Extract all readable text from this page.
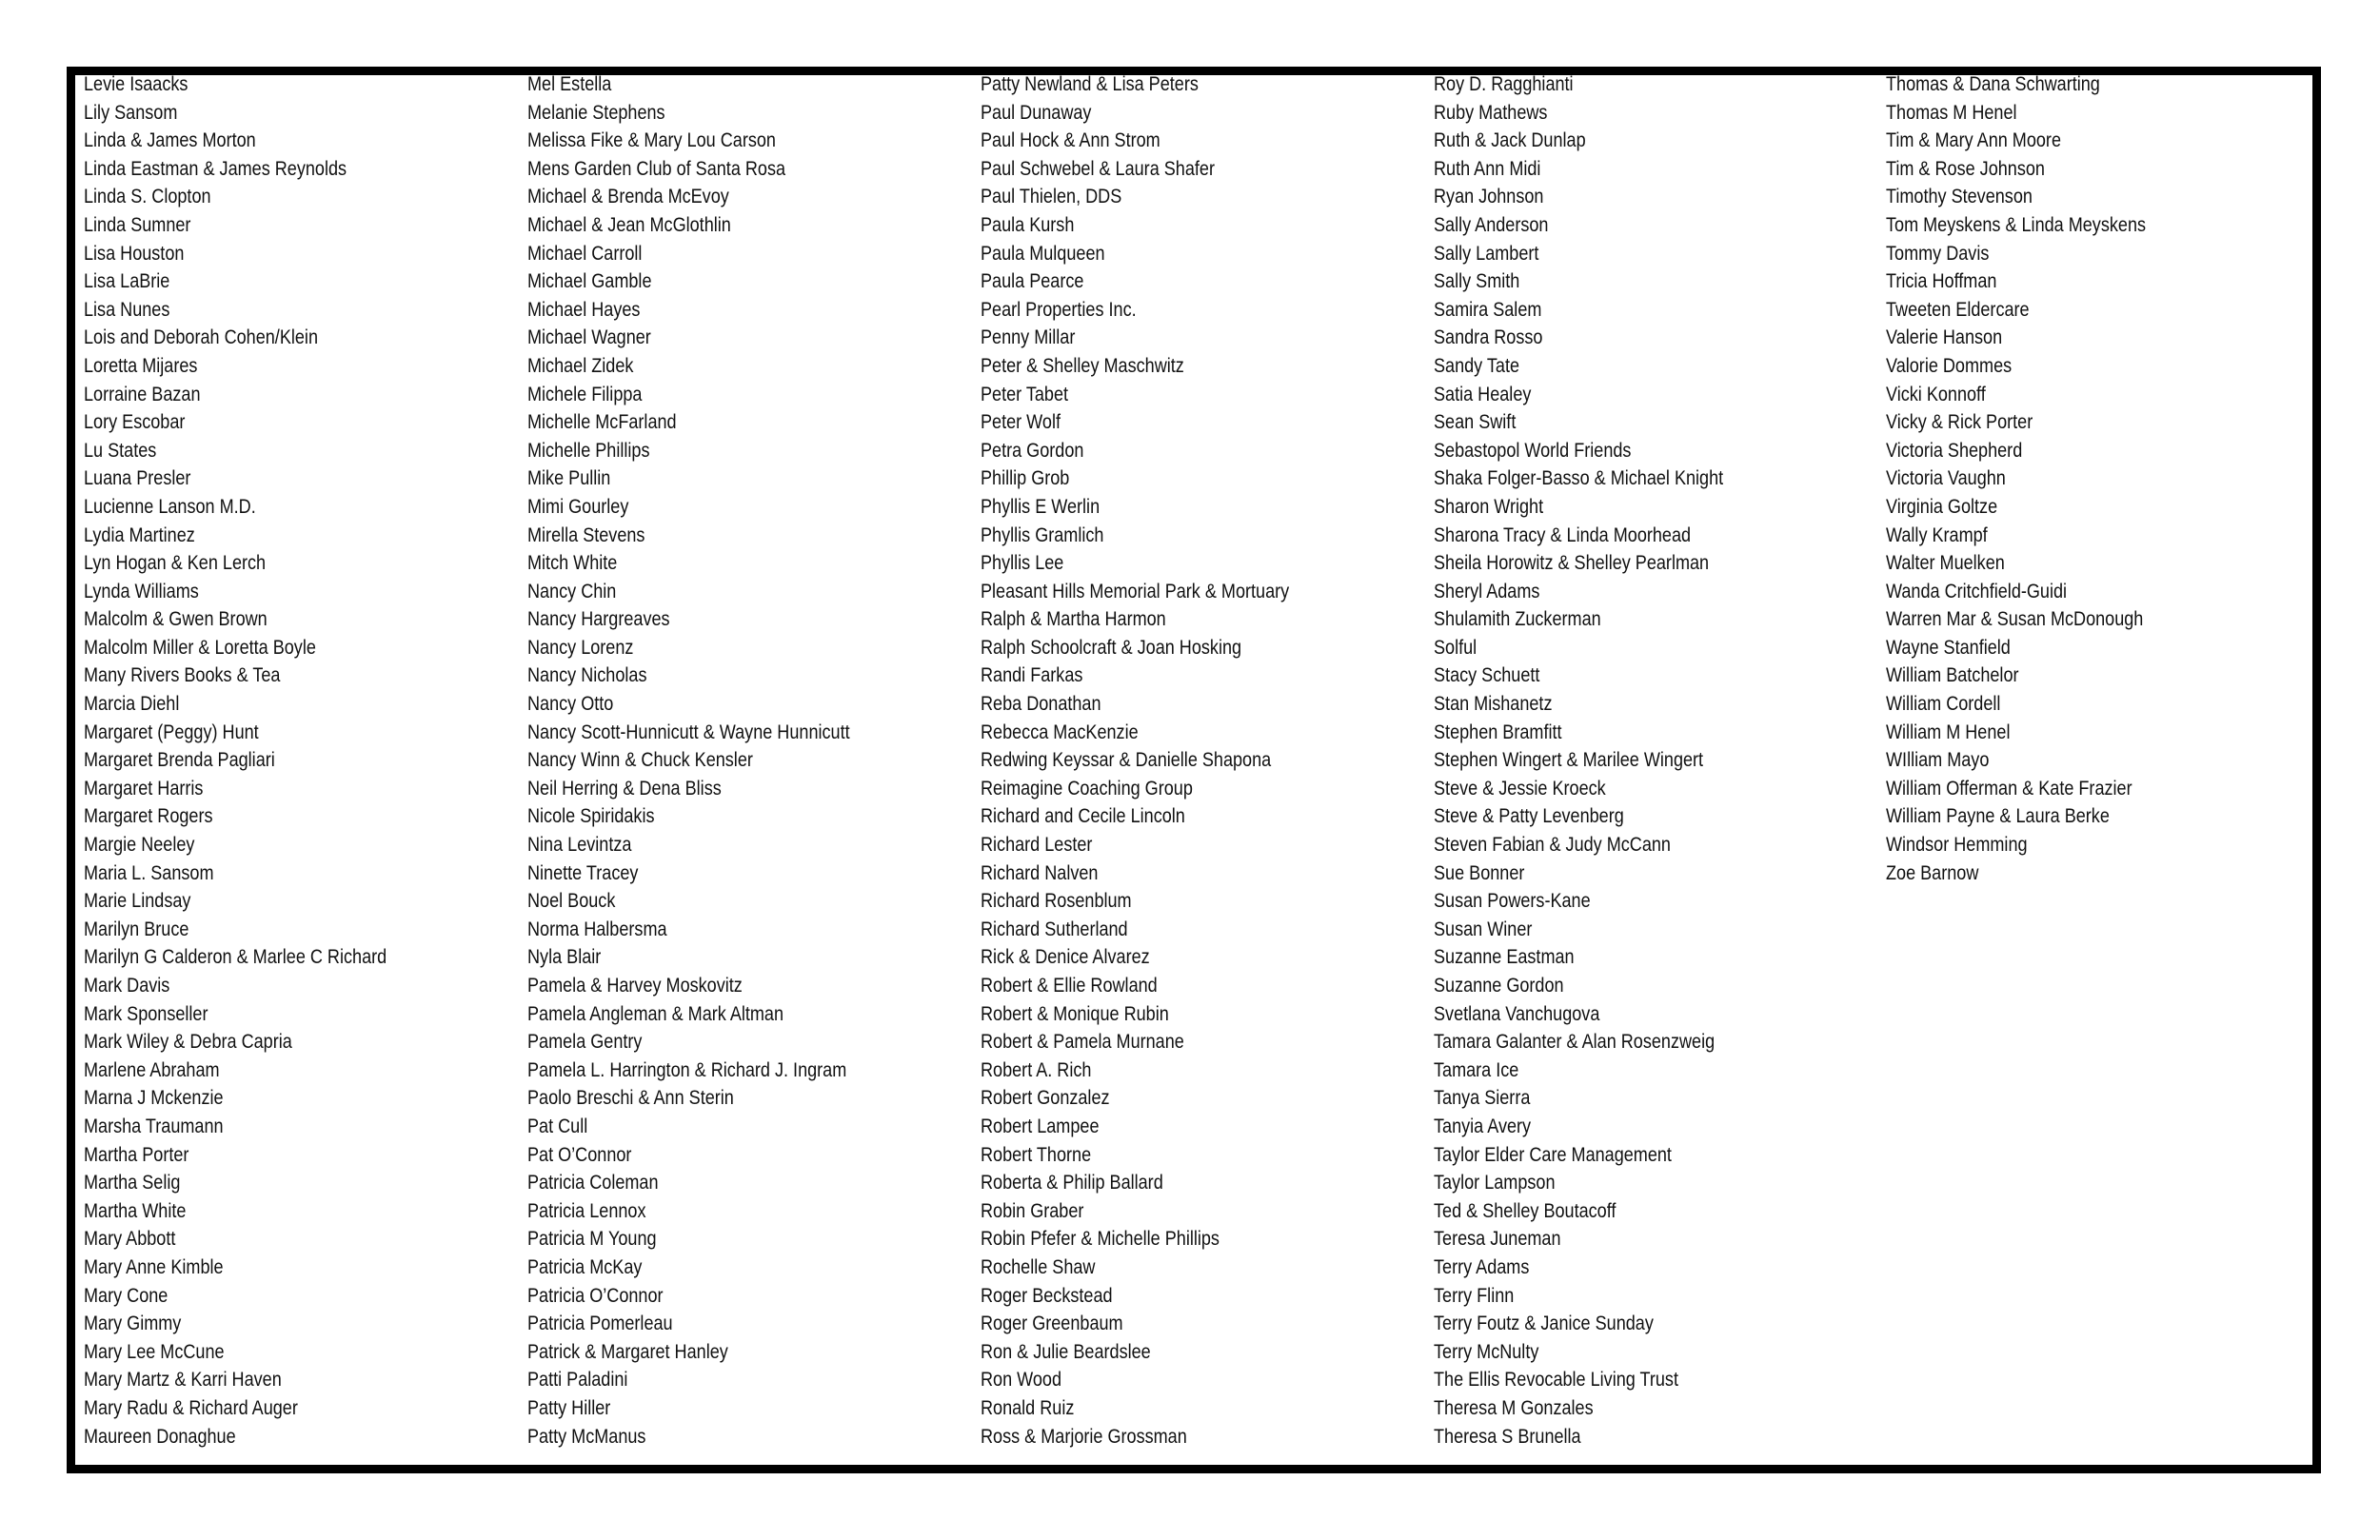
Levie Isaacks
Lily Sansom
Linda & James Morton
Linda Eastman & James Reynolds
Linda S. Clopton
Linda Sumner
Lisa Houston
Lisa LaBrie
Lisa Nunes
Lois and Deborah Cohen/Klein
Loretta Mijares
Lorraine Bazan
Lory Escobar
Lu States
Luana Presler
Lucienne Lanson M.D.
Lydia Martinez
Lyn Hogan & Ken Lerch
Lynda Williams
Malcolm & Gwen Brown
Malcolm Miller & Loretta Boyle
Many Rivers Books & Tea
Marcia Diehl
Margaret (Peggy) Hunt
Margaret Brenda Pagliari
Margaret Harris
Margaret Rogers
Margie Neeley
Maria L. Sansom
Marie Lindsay
Marilyn Bruce
Marilyn G Calderon & Marlee C Richard
Mark Davis
Mark Sponseller
Mark Wiley & Debra Capria
Marlene Abraham
Marna J Mckenzie
Marsha Traumann
Martha Porter
Martha Selig
Martha White
Mary Abbott
Mary Anne Kimble
Mary Cone
Mary Gimmy
Mary Lee McCune
Mary Martz & Karri Haven
Mary Radu & Richard Auger
Maureen Donaghue
Mel Estella
Melanie Stephens
Melissa Fike & Mary Lou Carson
Mens Garden Club of Santa Rosa
Michael & Brenda McEvoy
Michael & Jean McGlothlin
Michael Carroll
Michael Gamble
Michael Hayes
Michael Wagner
Michael Zidek
Michele Filippa
Michelle McFarland
Michelle Phillips
Mike Pullin
Mimi Gourley
Mirella Stevens
Mitch White
Nancy Chin
Nancy Hargreaves
Nancy Lorenz
Nancy Nicholas
Nancy Otto
Nancy Scott-Hunnicutt & Wayne Hunnicutt
Nancy Winn & Chuck Kensler
Neil Herring & Dena Bliss
Nicole Spiridakis
Nina Levintza
Ninette Tracey
Noel Bouck
Norma Halbersma
Nyla Blair
Pamela & Harvey Moskovitz
Pamela Angleman & Mark Altman
Pamela Gentry
Pamela L. Harrington & Richard J. Ingram
Paolo Breschi & Ann Sterin
Pat Cull
Pat O’Connor
Patricia Coleman
Patricia Lennox
Patricia M Young
Patricia McKay
Patricia O’Connor
Patricia Pomerleau
Patrick & Margaret Hanley
Patti Paladini
Patty Hiller
Patty McManus
Patty Newland & Lisa Peters
Paul Dunaway
Paul Hock & Ann Strom
Paul Schwebel & Laura Shafer
Paul Thielen, DDS
Paula Kursh
Paula Mulqueen
Paula Pearce
Pearl Properties Inc.
Penny Millar
Peter & Shelley Maschwitz
Peter Tabet
Peter Wolf
Petra Gordon
Phillip Grob
Phyllis E Werlin
Phyllis Gramlich
Phyllis Lee
Pleasant Hills Memorial Park & Mortuary
Ralph & Martha Harmon
Ralph Schoolcraft & Joan Hosking
Randi Farkas
Reba Donathan
Rebecca MacKenzie
Redwing Keyssar & Danielle Shapona
Reimagine Coaching Group
Richard and Cecile Lincoln
Richard Lester
Richard Nalven
Richard Rosenblum
Richard Sutherland
Rick & Denice Alvarez
Robert & Ellie Rowland
Robert & Monique Rubin
Robert & Pamela Murnane
Robert A. Rich
Robert Gonzalez
Robert Lampee
Robert Thorne
Roberta & Philip Ballard
Robin Graber
Robin Pfefer & Michelle Phillips
Rochelle Shaw
Roger Beckstead
Roger Greenbaum
Ron & Julie Beardslee
Ron Wood
Ronald Ruiz
Ross & Marjorie Grossman
Roy D. Ragghianti
Ruby Mathews
Ruth & Jack Dunlap
Ruth Ann Midi
Ryan Johnson
Sally Anderson
Sally Lambert
Sally Smith
Samira Salem
Sandra Rosso
Sandy Tate
Satia Healey
Sean Swift
Sebastopol World Friends
Shaka Folger-Basso & Michael Knight
Sharon Wright
Sharona Tracy & Linda Moorhead
Sheila Horowitz & Shelley Pearlman
Sheryl Adams
Shulamith Zuckerman
Solful
Stacy Schuett
Stan Mishanetz
Stephen Bramfitt
Stephen Wingert & Marilee Wingert
Steve & Jessie Kroeck
Steve & Patty Levenberg
Steven Fabian & Judy McCann
Sue Bonner
Susan Powers-Kane
Susan Winer
Suzanne Eastman
Suzanne Gordon
Svetlana Vanchugova
Tamara Galanter & Alan Rosenzweig
Tamara Ice
Tanya Sierra
Tanyia Avery
Taylor Elder Care Management
Taylor Lampson
Ted & Shelley Boutacoff
Teresa Juneman
Terry Adams
Terry Flinn
Terry Foutz & Janice Sunday
Terry McNulty
The Ellis Revocable Living Trust
Theresa M Gonzales
Theresa S Brunella
Thomas & Dana Schwarting
Thomas M Henel
Tim & Mary Ann Moore
Tim & Rose Johnson
Timothy Stevenson
Tom Meyskens & Linda Meyskens
Tommy Davis
Tricia Hoffman
Tweeten Eldercare
Valerie Hanson
Valorie Dommes
Vicki Konnoff
Vicky & Rick Porter
Victoria Shepherd
Victoria Vaughn
Virginia Goltze
Wally Krampf
Walter Muelken
Wanda Critchfield-Guidi
Warren Mar & Susan McDonough
Wayne Stanfield
William Batchelor
William Cordell
William M Henel
WIlliam Mayo
William Offerman & Kate Frazier
William Payne & Laura Berke
Windsor Hemming
Zoe Barnow
